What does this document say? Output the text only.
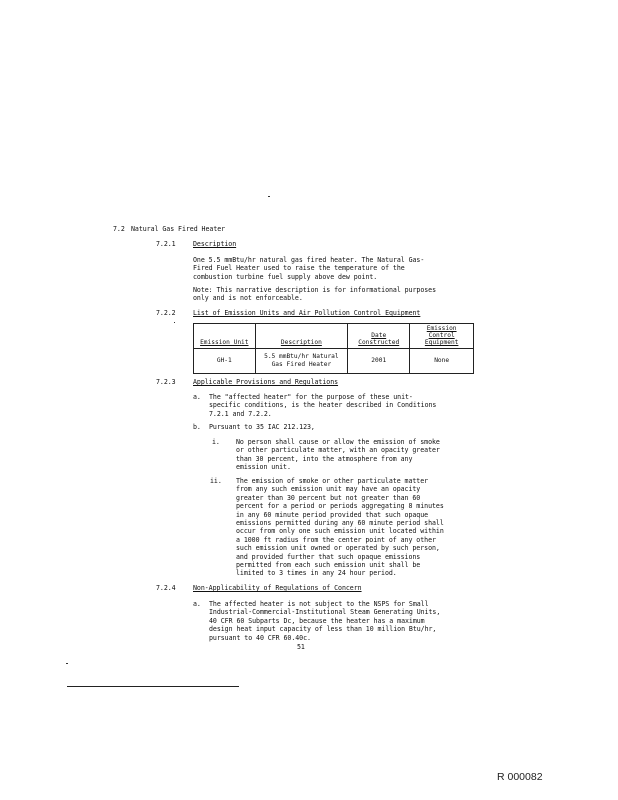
7.2 Natural Gas Fired Heater
7.2.1	Description
One 5.5 mmBtu/hr natural gas fired heater. The Natural Gas-
Fired Fuel Heater used to raise the temperature of the
combustion turbine fuel supply above dew point.
Note: This narrative description is for informational purposes
only and is not enforceable.
7.2.2	List of Emission Units and Air Pollution Control Equipment
Emission Unit	Description	Date Constructed	Emission Control Equipment
GH-1	5.5 mmBtu/hr Natural Gas Fired Heater	2001	None
7.2.3	Applicable Provisions and Regulations
a. The "affected heater" for the purpose of these unit-
specific conditions, is the heater described in Conditions
7.2.1 and 7.2.2.
b. Pursuant to 35 IAC 212.123,
i. No person shall cause or allow the emission of smoke
or other particulate matter, with an opacity greater
than 30 percent, into the atmosphere from any
emission unit.
ii. The emission of smoke or other particulate matter
from any such emission unit may have an opacity
greater than 30 percent but not greater than 60
percent for a period or periods aggregating 8 minutes
in any 60 minute period provided that such opaque
emissions permitted during any 60 minute period shall
occur from only one such emission unit located within
a 1000 ft radius from the center point of any other
such emission unit owned or operated by such person,
and provided further that such opaque emissions
permitted from each such emission unit shall be
limited to 3 times in any 24 hour period.
7.2.4	Non-Applicability of Regulations of Concern
a. The affected heater is not subject to the NSPS for Small
Industrial-Commercial-Institutional Steam Generating Units,
40 CFR 60 Subparts Dc, because the heater has a maximum
design heat input capacity of less than 10 million Btu/hr,
pursuant to 40 CFR 60.40c.
51
R 000082
